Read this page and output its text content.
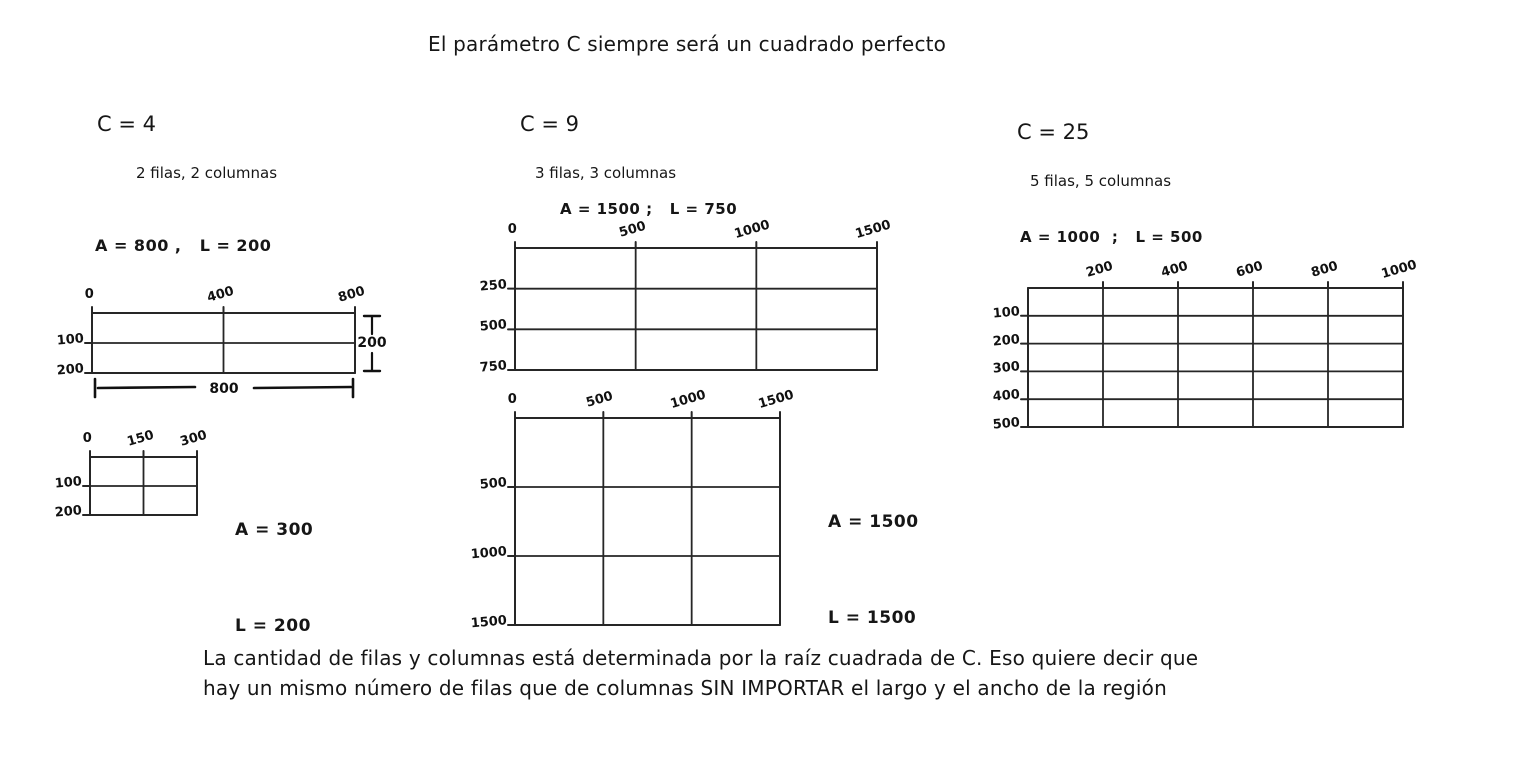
El parámetro C siempre será un cuadrado perfecto
C = 4
2 filas, 2 columnas
A = 800 ,   L = 200
C = 9
3 filas, 3 columnas
A = 1500 ;   L = 750
C = 25
5 filas, 5 columnas
A = 1000  ;   L = 500
0	400	800
100
200
0	150 300
100
200
0	500	1000	1500
250
500
750
0	500	1000	1500
500
1000
1500
200	400	600	800	1000
100
200
300
400
500
200
800

A = 300

L = 200

A = 1500

L = 1500

La cantidad de filas y columnas está determinada por la raíz cuadrada de C. Eso quiere decir que
hay un mismo número de filas que de columnas SIN IMPORTAR el largo y el ancho de la región
